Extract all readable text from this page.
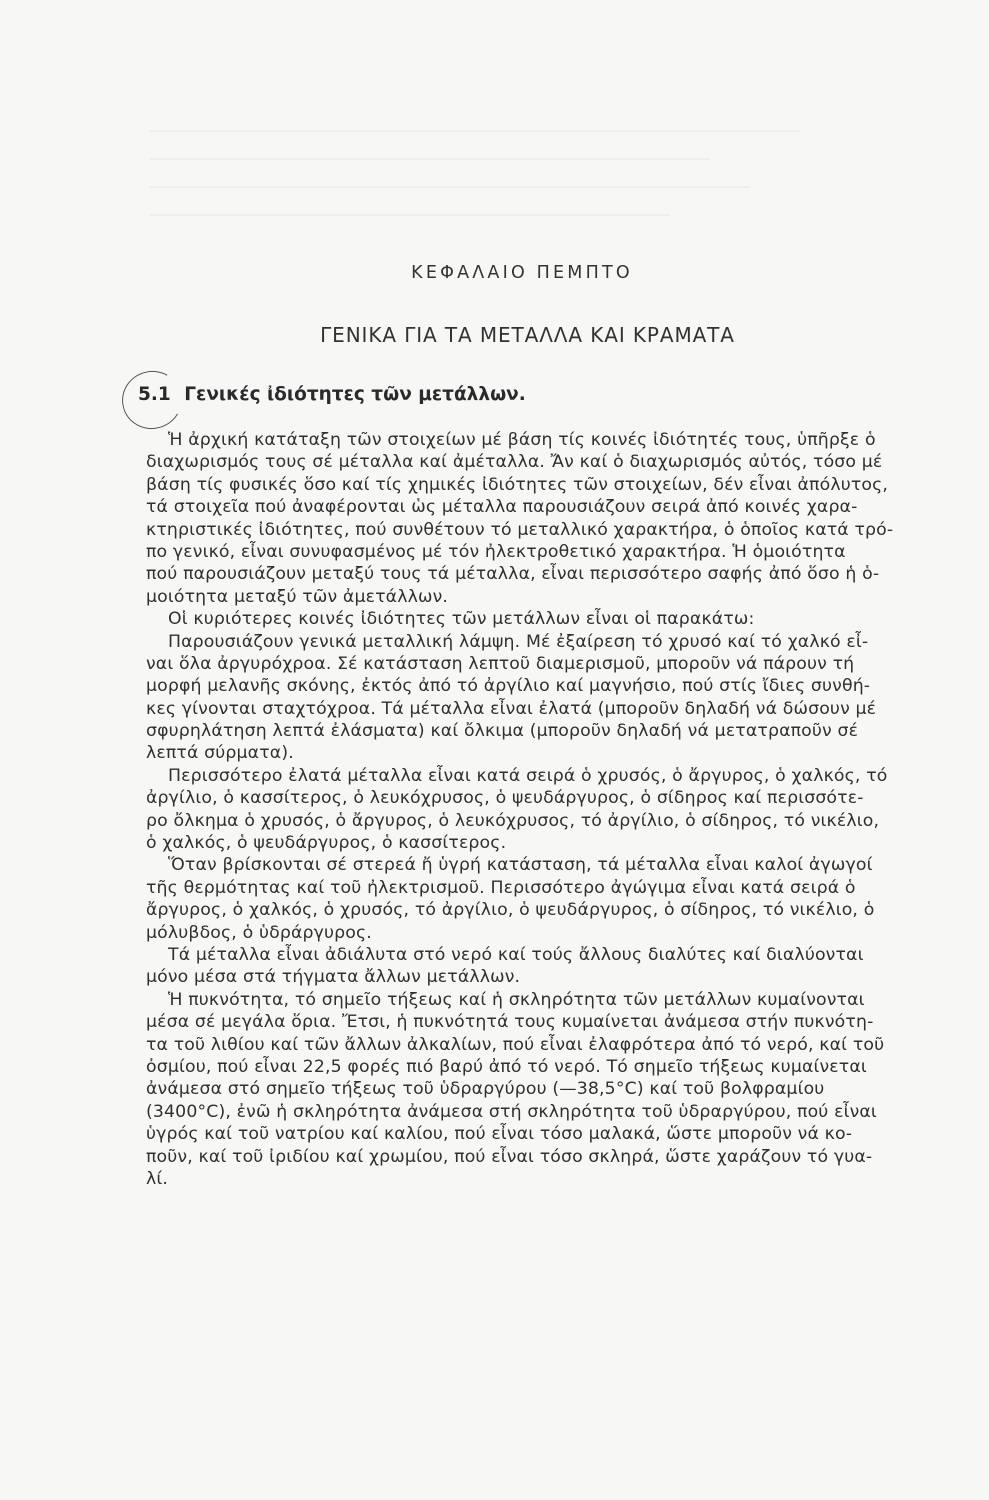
ΚΕΦΑΛΑΙΟ ΠΕΜΠΤΟ
ΓΕΝΙΚΑ ΓΙΑ ΤΑ ΜΕΤΑΛΛΑ ΚΑΙ ΚΡΑΜΑΤΑ
5.1 Γενικές ἰδιότητες τῶν μετάλλων.
Ἡ ἀρχική κατάταξη τῶν στοιχείων μέ βάση τίς κοινές ἰδιότητές τους, ὑπῆρξε ὁ
διαχωρισμός τους σέ μέταλλα καί ἀμέταλλα. Ἄν καί ὁ διαχωρισμός αὐτός, τόσο μέ
βάση τίς φυσικές ὅσο καί τίς χημικές ἰδιότητες τῶν στοιχείων, δέν εἶναι ἀπόλυτος,
τά στοιχεῖα πού ἀναφέρονται ὡς μέταλλα παρουσιάζουν σειρά ἀπό κοινές χαρα-
κτηριστικές ἰδιότητες, πού συνθέτουν τό μεταλλικό χαρακτήρα, ὁ ὁποῖος κατά τρό-
πο γενικό, εἶναι συνυφασμένος μέ τόν ἠλεκτροθετικό χαρακτήρα. Ἡ ὁμοιότητα
πού παρουσιάζουν μεταξύ τους τά μέταλλα, εἶναι περισσότερο σαφής ἀπό ὅσο ἡ ὁ-
μοιότητα μεταξύ τῶν ἀμετάλλων.
Οἱ κυριότερες κοινές ἰδιότητες τῶν μετάλλων εἶναι οἱ παρακάτω:
Παρουσιάζουν γενικά μεταλλική λάμψη. Μέ ἐξαίρεση τό χρυσό καί τό χαλκό εἶ-
ναι ὅλα ἀργυρόχροα. Σέ κατάσταση λεπτοῦ διαμερισμοῦ, μποροῦν νά πάρουν τή
μορφή μελανῆς σκόνης, ἐκτός ἀπό τό ἀργίλιο καί μαγνήσιο, πού στίς ἴδιες συνθή-
κες γίνονται σταχτόχροα. Τά μέταλλα εἶναι ἐλατά (μποροῦν δηλαδή νά δώσουν μέ
σφυρηλάτηση λεπτά ἐλάσματα) καί ὄλκιμα (μποροῦν δηλαδή νά μετατραποῦν σέ
λεπτά σύρματα).
Περισσότερο ἐλατά μέταλλα εἶναι κατά σειρά ὁ χρυσός, ὁ ἄργυρος, ὁ χαλκός, τό
ἀργίλιο, ὁ κασσίτερος, ὁ λευκόχρυσος, ὁ ψευδάργυρος, ὁ σίδηρος καί περισσότε-
ρο ὄλκημα ὁ χρυσός, ὁ ἄργυρος, ὁ λευκόχρυσος, τό ἀργίλιο, ὁ σίδηρος, τό νικέλιο,
ὁ χαλκός, ὁ ψευδάργυρος, ὁ κασσίτερος.
Ὅταν βρίσκονται σέ στερεά ἤ ὑγρή κατάσταση, τά μέταλλα εἶναι καλοί ἀγωγοί
τῆς θερμότητας καί τοῦ ἠλεκτρισμοῦ. Περισσότερο ἀγώγιμα εἶναι κατά σειρά ὁ
ἄργυρος, ὁ χαλκός, ὁ χρυσός, τό ἀργίλιο, ὁ ψευδάργυρος, ὁ σίδηρος, τό νικέλιο, ὁ
μόλυβδος, ὁ ὑδράργυρος.
Τά μέταλλα εἶναι ἀδιάλυτα στό νερό καί τούς ἄλλους διαλύτες καί διαλύονται
μόνο μέσα στά τήγματα ἄλλων μετάλλων.
Ἡ πυκνότητα, τό σημεῖο τήξεως καί ἡ σκληρότητα τῶν μετάλλων κυμαίνονται
μέσα σέ μεγάλα ὅρια. Ἔτσι, ἡ πυκνότητά τους κυμαίνεται ἀνάμεσα στήν πυκνότη-
τα τοῦ λιθίου καί τῶν ἄλλων ἀλκαλίων, πού εἶναι ἐλαφρότερα ἀπό τό νερό, καί τοῦ
ὀσμίου, πού εἶναι 22,5 φορές πιό βαρύ ἀπό τό νερό. Τό σημεῖο τήξεως κυμαίνεται
ἀνάμεσα στό σημεῖο τήξεως τοῦ ὑδραργύρου (—38,5°C) καί τοῦ βολφραμίου
(3400°C), ἐνῶ ἡ σκληρότητα ἀνάμεσα στή σκληρότητα τοῦ ὑδραργύρου, πού εἶναι
ὑγρός καί τοῦ νατρίου καί καλίου, πού εἶναι τόσο μαλακά, ὥστε μποροῦν νά κο-
ποῦν, καί τοῦ ἰριδίου καί χρωμίου, πού εἶναι τόσο σκληρά, ὥστε χαράζουν τό γυα-
λί.
